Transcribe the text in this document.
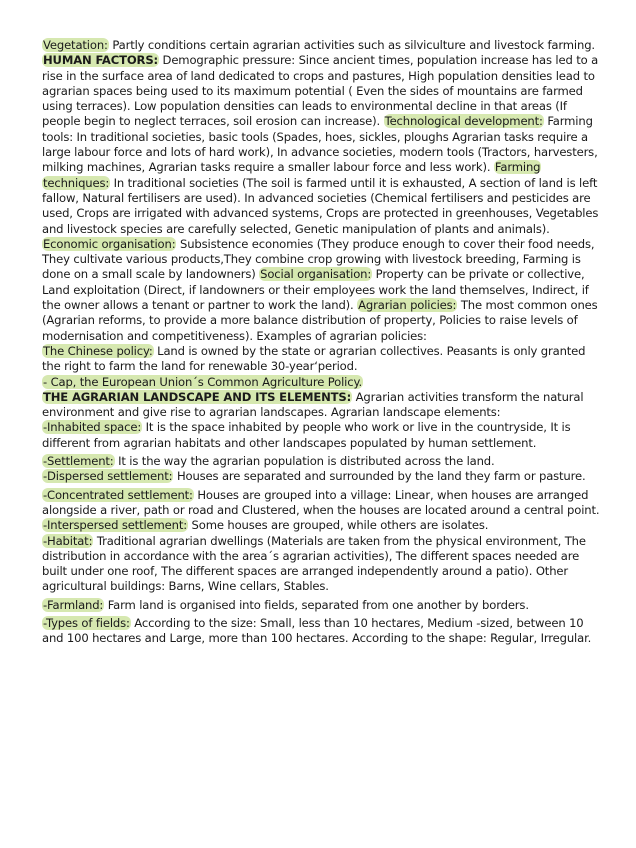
Vegetation: Partly conditions certain agrarian activities such as silviculture and livestock farming.

HUMAN FACTORS: Demographic pressure: Since ancient times, population increase has led to a rise in the surface area of land dedicated to crops and pastures, High population densities lead to agrarian spaces being used to its maximum potential ( Even the sides of mountains are farmed using terraces). Low population densities can leads to environmental decline in that areas (If people begin to neglect terraces, soil erosion can increase). Technological development: Farming tools: In traditional societies, basic tools (Spades, hoes, sickles, ploughs Agrarian tasks require a large labour force and lots of hard work), In advance societies, modern tools (Tractors, harvesters, milking machines, Agrarian tasks require a smaller labour force and less work). Farming techniques: In traditional societies (The soil is farmed until it is exhausted, A section of land is left fallow, Natural fertilisers are used). In advanced societies (Chemical fertilisers and pesticides are used, Crops are irrigated with advanced systems, Crops are protected in greenhouses, Vegetables and livestock species are carefully selected, Genetic manipulation of plants and animals). Economic organisation: Subsistence economies (They produce enough to cover their food needs, They cultivate various products,They combine crop growing with livestock breeding, Farming is done on a small scale by landowners) Social organisation: Property can be private or collective, Land exploitation (Direct, if landowners or their employees work the land themselves, Indirect, if the owner allows a tenant or partner to work the land). Agrarian policies: The most common ones (Agrarian reforms, to provide a more balance distribution of property, Policies to raise levels of modernisation and competitiveness). Examples of agrarian policies:

The Chinese policy: Land is owned by the state or agrarian collectives. Peasants is only granted the right to farm the land for renewable 30-year‘period.

- Cap, the European Union´s Common Agriculture Policy.

THE AGRARIAN LANDSCAPE AND ITS ELEMENTS: Agrarian activities transform the natural environment and give rise to agrarian landscapes. Agrarian landscape elements:

-Inhabited space: It is the space inhabited by people who work or live in the countryside, It is different from agrarian habitats and other landscapes populated by human settlement.

-Settlement: It is the way the agrarian population is distributed across the land.

-Dispersed settlement: Houses are separated and surrounded by the land they farm or pasture.

-Concentrated settlement: Houses are grouped into a village: Linear, when houses are arranged alongside a river, path or road and Clustered, when the houses are located around a central point.

-Interspersed settlement: Some houses are grouped, while others are isolates.

-Habitat: Traditional agrarian dwellings (Materials are taken from the physical environment, The distribution in accordance with the area´s agrarian activities), The different spaces needed are built under one roof, The different spaces are arranged independently around a patio). Other agricultural buildings: Barns, Wine cellars, Stables.

-Farmland: Farm land is organised into fields, separated from one another by borders.

-Types of fields: According to the size: Small, less than 10 hectares, Medium -sized, between 10 and 100 hectares and Large, more than 100 hectares. According to the shape: Regular, Irregular.
